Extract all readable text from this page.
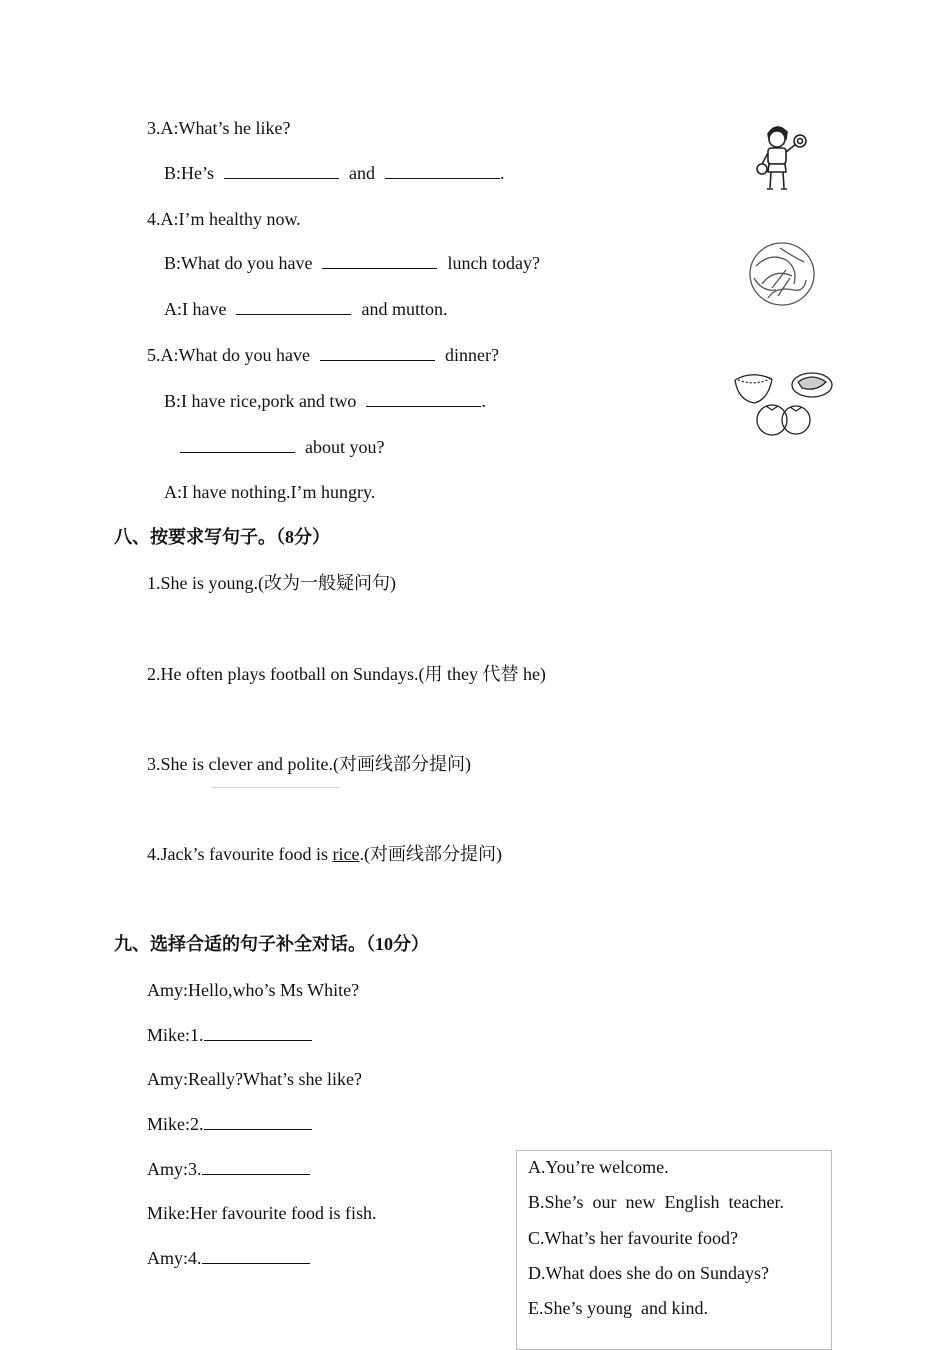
3.A:What’s he like?
B:He’s	and	.
4.A:I’m healthy now.
B:What do you have	lunch today?
A:I have	and mutton.
5.A:What do you have	dinner?
B:I have rice,pork and two	.
about you?
A:I have nothing.I’m hungry.
八、按要求写句子。（8分）
1.She is young.(改为一般疑问句)
2.He often plays football on Sundays.(用 they 代替 he)
3.She is clever and polite.(对画线部分提问)
4.Jack’s favourite food is rice.(对画线部分提问)
九、选择合适的句子补全对话。（10分）
Amy:Hello,who’s Ms White?
Mike:1.
Amy:Really?What’s she like?
Mike:2.
Amy:3.
Mike:Her favourite food is fish.
Amy:4.
A.You’re welcome.
B.She’s  our  new  English  teacher.
C.What’s her favourite food?
D.What does she do on Sundays?
E.She’s young  and kind.
